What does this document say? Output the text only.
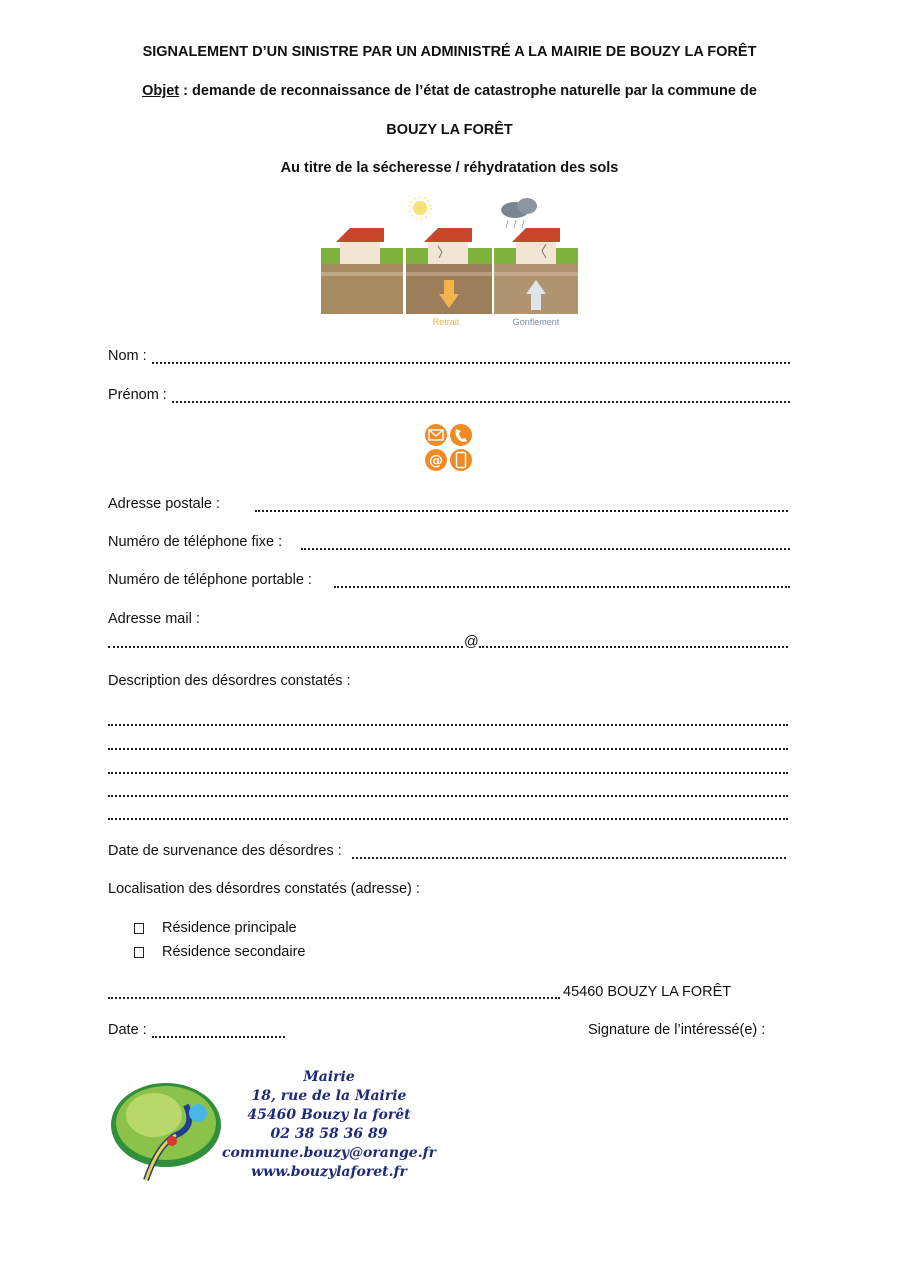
SIGNALEMENT D’UN SINISTRE PAR UN ADMINISTRÉ A LA MAIRIE DE BOUZY LA FORÊT
Objet : demande de reconnaissance de l’état de catastrophe naturelle par la commune de
BOUZY LA FORÊT
Au titre de la sécheresse / réhydratation des sols
Retrait	Gonflement
Nom :
Prénom :
@
Adresse postale :
Numéro de téléphone fixe :
Numéro de téléphone portable :
Adresse mail :
@
Description des désordres constatés :
Date de survenance des désordres :
Localisation des désordres constatés (adresse) :
Résidence principale
Résidence secondaire
45460 BOUZY LA FORÊT
Date :	Signature de l’intéressé(e) :
Mairie
18, rue de la Mairie
45460 Bouzy la forêt
02 38 58 36 89
commune.bouzy@orange.fr
www.bouzylaforet.fr
